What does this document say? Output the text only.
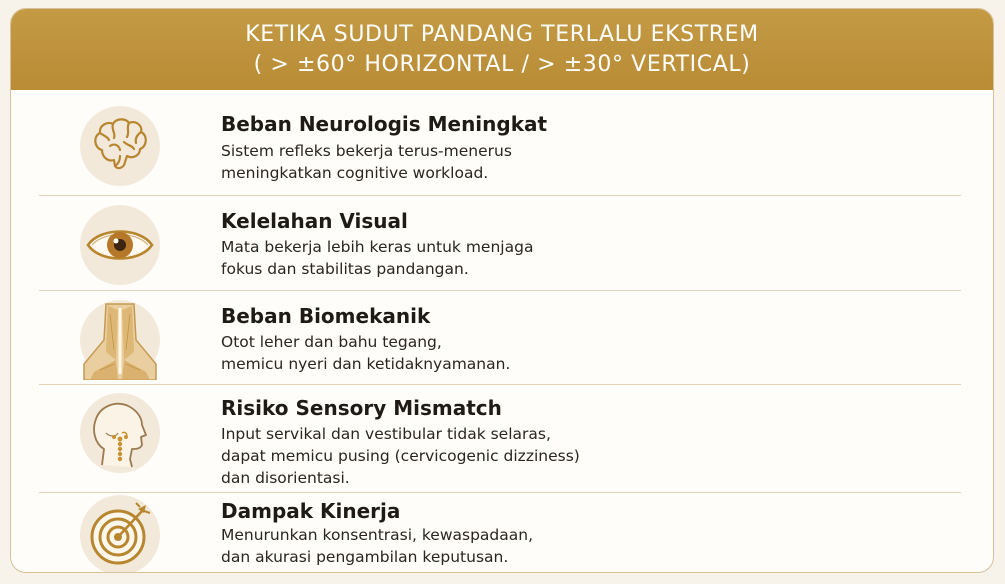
KETIKA SUDUT PANDANG TERLALU EKSTREM
( > ±60° HORIZONTAL / > ±30° VERTICAL)
Beban Neurologis Meningkat
Sistem refleks bekerja terus-menerus
meningkatkan cognitive workload.
Kelelahan Visual
Mata bekerja lebih keras untuk menjaga
fokus dan stabilitas pandangan.
Beban Biomekanik
Otot leher dan bahu tegang,
memicu nyeri dan ketidaknyamanan.
Risiko Sensory Mismatch
Input servikal dan vestibular tidak selaras,
dapat memicu pusing (cervicogenic dizziness)
dan disorientasi.
Dampak Kinerja
Menurunkan konsentrasi, kewaspadaan,
dan akurasi pengambilan keputusan.
